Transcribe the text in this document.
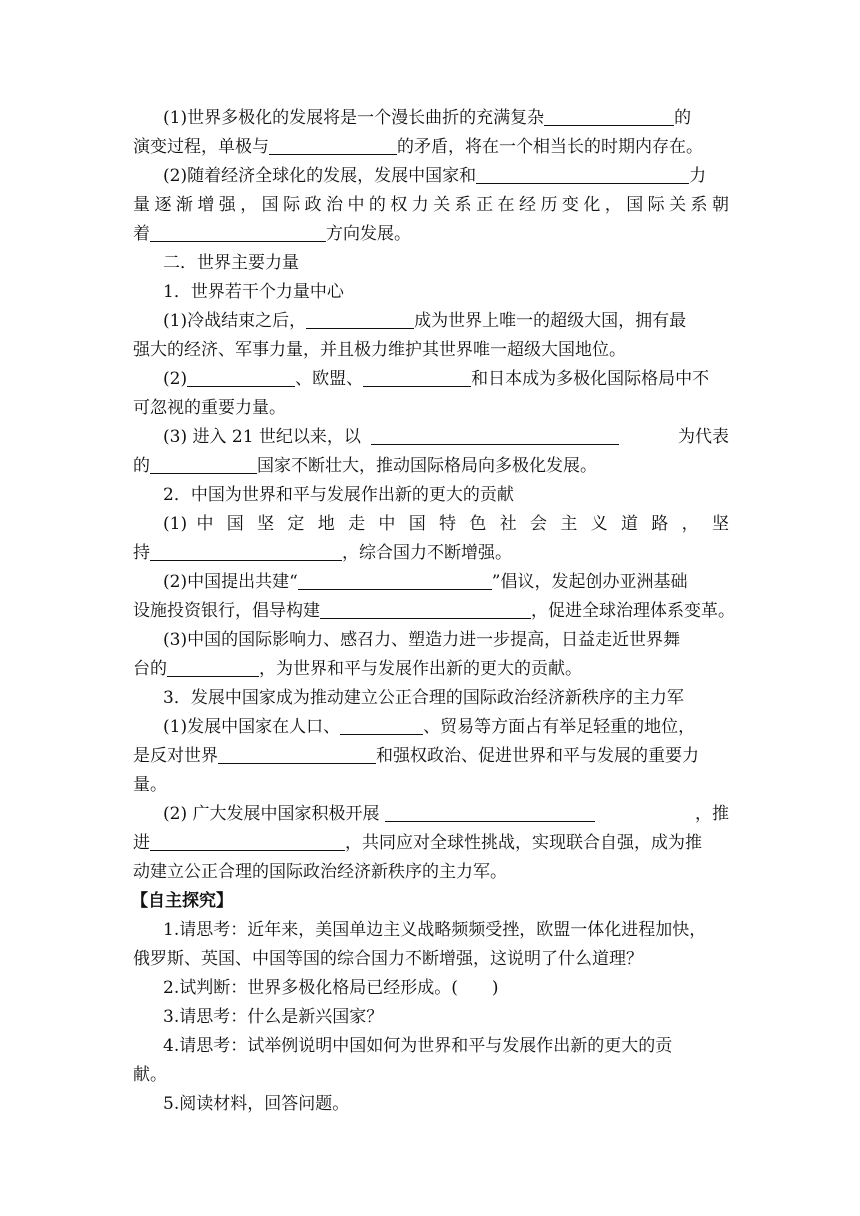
(1)世界多极化的发展将是一个漫长曲折的充满复杂	的
演变过程，单极与	的矛盾，将在一个相当长的时期内存在。
(2)随着经济全球化的发展，发展中国家和	力
量逐渐增强，国际政治中的权力关系正在经历变化，国际关系朝
着	方向发展。
二．世界主要力量
1．世界若干个力量中心
(1)冷战结束之后，	成为世界上唯一的超级大国，拥有最
强大的经济、军事力量，并且极力维护其世界唯一超级大国地位。
(2)	、欧盟、	和日本成为多极化国际格局中不
可忽视的重要力量。
(3) 进入 21 世纪以来，以	为代表
的	国家不断壮大，推动国际格局向多极化发展。
2．中国为世界和平与发展作出新的更大的贡献
(1) 中 国 坚 定 地 走 中 国 特 色 社 会 主 义 道 路 ， 坚
持	，综合国力不断增强。
(2)中国提出共建“	”倡议，发起创办亚洲基础
设施投资银行，倡导构建	，促进全球治理体系变革。
(3)中国的国际影响力、感召力、塑造力进一步提高，日益走近世界舞
台的	，为世界和平与发展作出新的更大的贡献。
3．发展中国家成为推动建立公正合理的国际政治经济新秩序的主力军
(1)发展中国家在人口、	、贸易等方面占有举足轻重的地位，
是反对世界	和强权政治、促进世界和平与发展的重要力
量。
(2) 广大发展中国家积极开展	，推
进	，共同应对全球性挑战，实现联合自强，成为推
动建立公正合理的国际政治经济新秩序的主力军。
【自主探究】
1.请思考：近年来，美国单边主义战略频频受挫，欧盟一体化进程加快，
俄罗斯、英国、中国等国的综合国力不断增强，这说明了什么道理？
2.试判断：世界多极化格局已经形成。(　　)
3.请思考：什么是新兴国家？
4.请思考：试举例说明中国如何为世界和平与发展作出新的更大的贡
献。
5.阅读材料，回答问题。
